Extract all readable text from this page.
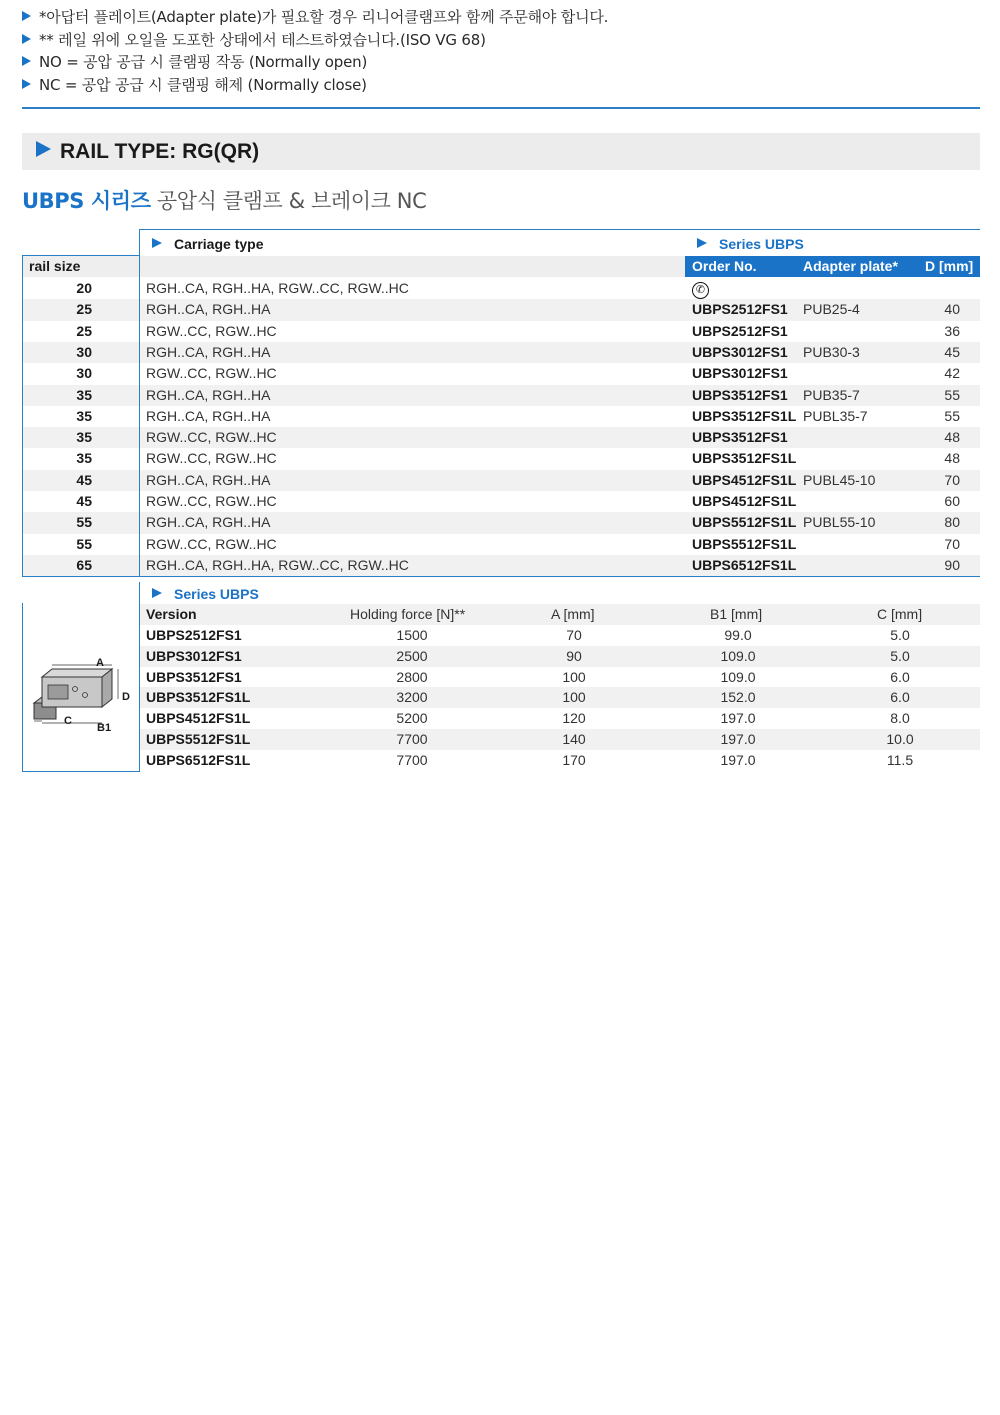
*아답터 플레이트(Adapter plate)가 필요할 경우 리니어클램프와 함께 주문해야 합니다.
** 레일 위에 오일을 도포한 상태에서 테스트하였습니다.(ISO VG 68)
NO = 공압 공급 시 클램핑 작동 (Normally open)
NC = 공압 공급 시 클램핑 해제 (Normally close)
RAIL TYPE: RG(QR)
UBPS 시리즈 공압식 클램프 & 브레이크 NC
Carriage type	Series UBPS
rail size	Order No.	Adapter plate* D [mm]
20	RGH..CA, RGH..HA, RGW..CC, RGW..HC	✆
25	RGH..CA, RGH..HA	UBPS2512FS1 PUB25-4	40
25	RGW..CC, RGW..HC	UBPS2512FS1	36
30	RGH..CA, RGH..HA	UBPS3012FS1 PUB30-3	45
30	RGW..CC, RGW..HC	UBPS3012FS1	42
35	RGH..CA, RGH..HA	UBPS3512FS1 PUB35-7	55
35	RGH..CA, RGH..HA	UBPS3512FS1L PUBL35-7	55
35	RGW..CC, RGW..HC	UBPS3512FS1	48
35	RGW..CC, RGW..HC	UBPS3512FS1L	48
45	RGH..CA, RGH..HA	UBPS4512FS1L PUBL45-10	70
45	RGW..CC, RGW..HC	UBPS4512FS1L	60
55	RGH..CA, RGH..HA	UBPS5512FS1L PUBL55-10	80
55	RGW..CC, RGW..HC	UBPS5512FS1L	70
65	RGH..CA, RGH..HA, RGW..CC, RGW..HC	UBPS6512FS1L	90
Series UBPS
Version	Holding force [N]**	A [mm]	B1 [mm]	C [mm]
UBPS2512FS1	1500	70	99.0	5.0
UBPS3012FS1	2500	90	109.0	5.0
UBPS3512FS1	2800	100	109.0	6.0
UBPS3512FS1L	3200	100	152.0	6.0
UBPS4512FS1L	5200	120	197.0	8.0
UBPS5512FS1L	7700	140	197.0	10.0
UBPS6512FS1L	7700	170	197.0	11.5
A
D
C
B1
